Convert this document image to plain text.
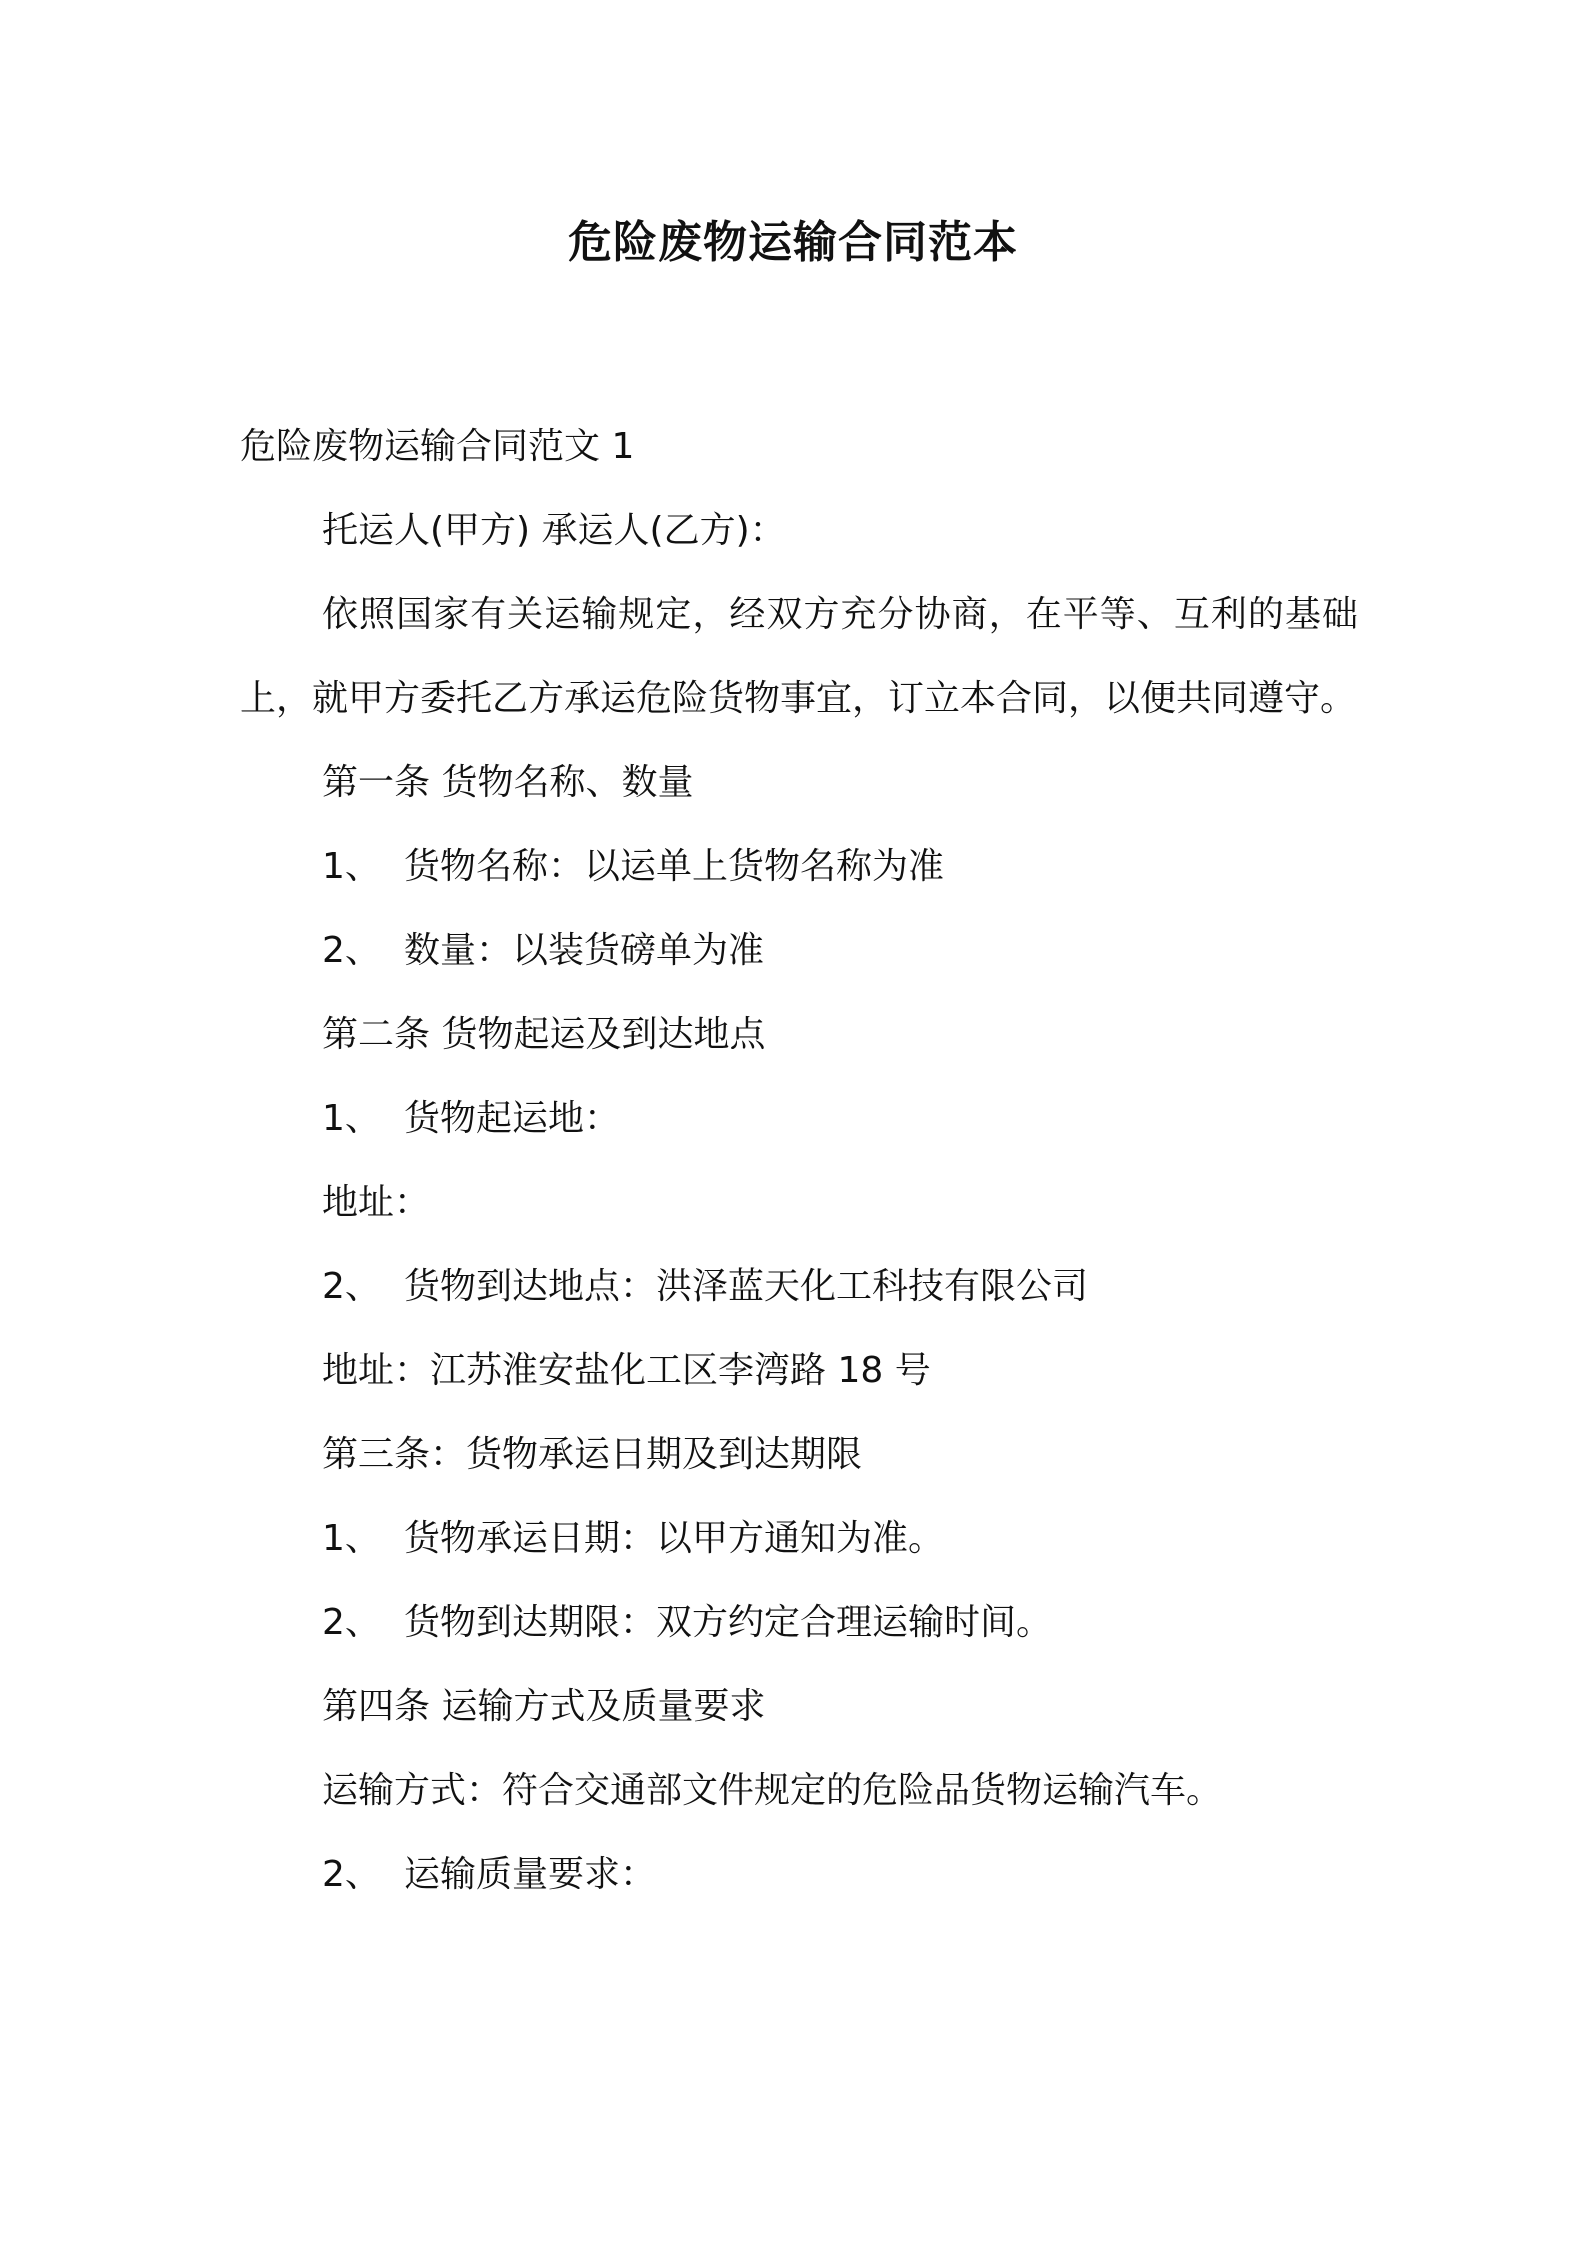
危险废物运输合同范本
危险废物运输合同范文 1
托运人(甲方) 承运人(乙方)：
依照国家有关运输规定，经双方充分协商，在平等、互利的基础上，就甲方委托乙方承运危险货物事宜，订立本合同，以便共同遵守。
第一条 货物名称、数量
1、 货物名称：以运单上货物名称为准
2、 数量：以装货磅单为准
第二条 货物起运及到达地点
1、 货物起运地：
地址：
2、 货物到达地点：洪泽蓝天化工科技有限公司
地址：江苏淮安盐化工区李湾路 18 号
第三条：货物承运日期及到达期限
1、 货物承运日期：以甲方通知为准。
2、 货物到达期限：双方约定合理运输时间。
第四条 运输方式及质量要求
运输方式：符合交通部文件规定的危险品货物运输汽车。
2、 运输质量要求：
